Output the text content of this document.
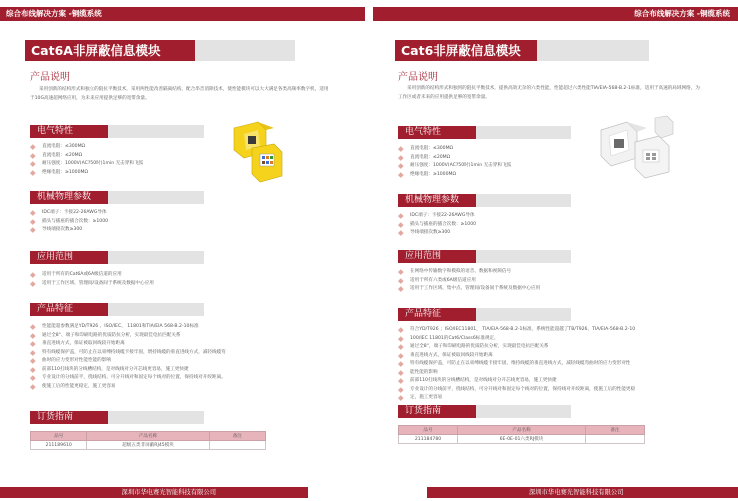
综合布线解决方案 -铜缆系统
Cat6A非屏蔽信息模块
产品说明
采用创新的结构形式和独立的阻抗平衡技术，采用两性能改善隔离结构，配合串音消除技术，使性能模块可以大大满足各类高频率数字机，适用于10G高速超网络应用，为未来应用提供足够的宽带余量。
电气特性
直流电阻：≤300MΩ
直流电阻：≤20MΩ
耐压强度：1000V(AC?50时)1min 无击穿和飞弧
绝缘电阻：≥1000MΩ
机械物理参数
IDC端子：卡接22-26AWG导体
插头与插座的插合次数：≥1000
导线端接次数≥300
应用范围
适用于所有的Cat6A或6A级信道的应用
适用于工作区域、管理间/设备间于系统及数据中心应用
产品特征
性能能超参数满足YD/T926 、ISO/IEC、 11801和TIA/EIA 568-B.2-10标准
通过全8°、端子和印刷电路的优质防抗分析，实现最佳电抗匹配关系
垂直进线方式，保证被取回线较开始距离
特有线缆保护盖，可防止在以束缚持线缆卡接牢固，增持线缆的垂直进线方式，减轻线缆弯
曲时的应力变形对性能性能的影响
前部110打线块的分线槽结构，是对线线对分开芯线更容易，施工更快捷
专业设计的分线前平，绕线结构，可分开线对和固定每个线对的位置，保持线对开绞距离。
使施工后的性能更稳定，施工更容易
订货指南
品号	产品名称	备注
211189610	超级五类非屏蔽RJ45模块	
深圳市华电赛光智能科技有限公司
综合布线解决方案 -铜缆系统
Cat6非屏蔽信息模块
产品说明
采用创新的结构形式和独到的阻抗平衡技术，提供高效无杂的六类性能，性能超过六类性能TIA/EIA-568-B.2-1标准，适用于高速的局域网络，为工作区或者未来的应用提供足够的宽带余量。
电气特性
直流电阻：≤300MΩ
直流电阻：≤20MΩ
耐压强度：1000V(AC?50时)1min 无击穿和飞弧
绝缘电阻：≥1000MΩ
机械物理参数
IDC端子：卡接22-26AWG导体
插头与插座的插合次数：≥1000
导线端接次数≥300
应用范围
在网络中传输数字和模拟的语音、数据和视频信号
适用于所有六类或6A级信道应用
适用于工作区域、集中点、管理间/设备间于系统及数据中心应用
产品特征
符合YD/T926 ；ISO/IEC11801， TIA/EIA-568-B.2-1标准，系统性能超越了TB/T926、TIA/EIA-568-B.2-10
100/IEC 11801的Cat6/Class6标准规定，
通过全8°，端子和印刷电路的优质防抗分析，实现最佳电抗匹配关系
垂直进线方式，保证被取回线较开始距离
特有线缆保护盖，可防止在以束缚线缆卡接牢固，维持线缆的垂直进线方式，减轻线缆弯曲时的应力变形对性
能性能的影响
前部110打线块的分线槽结构，是对线线对分开芯线更容易，施工更快捷
专业设计的分线前平，绕线结构，可分开线对和固定每个线对的位置，保持线对开绞距离，使施工后的性能更稳
定，施工更容易
订货指南
品号	产品名称	备注
211184780	6E-0E-01六类RJ模块	
深圳市华电赛光智能科技有限公司
